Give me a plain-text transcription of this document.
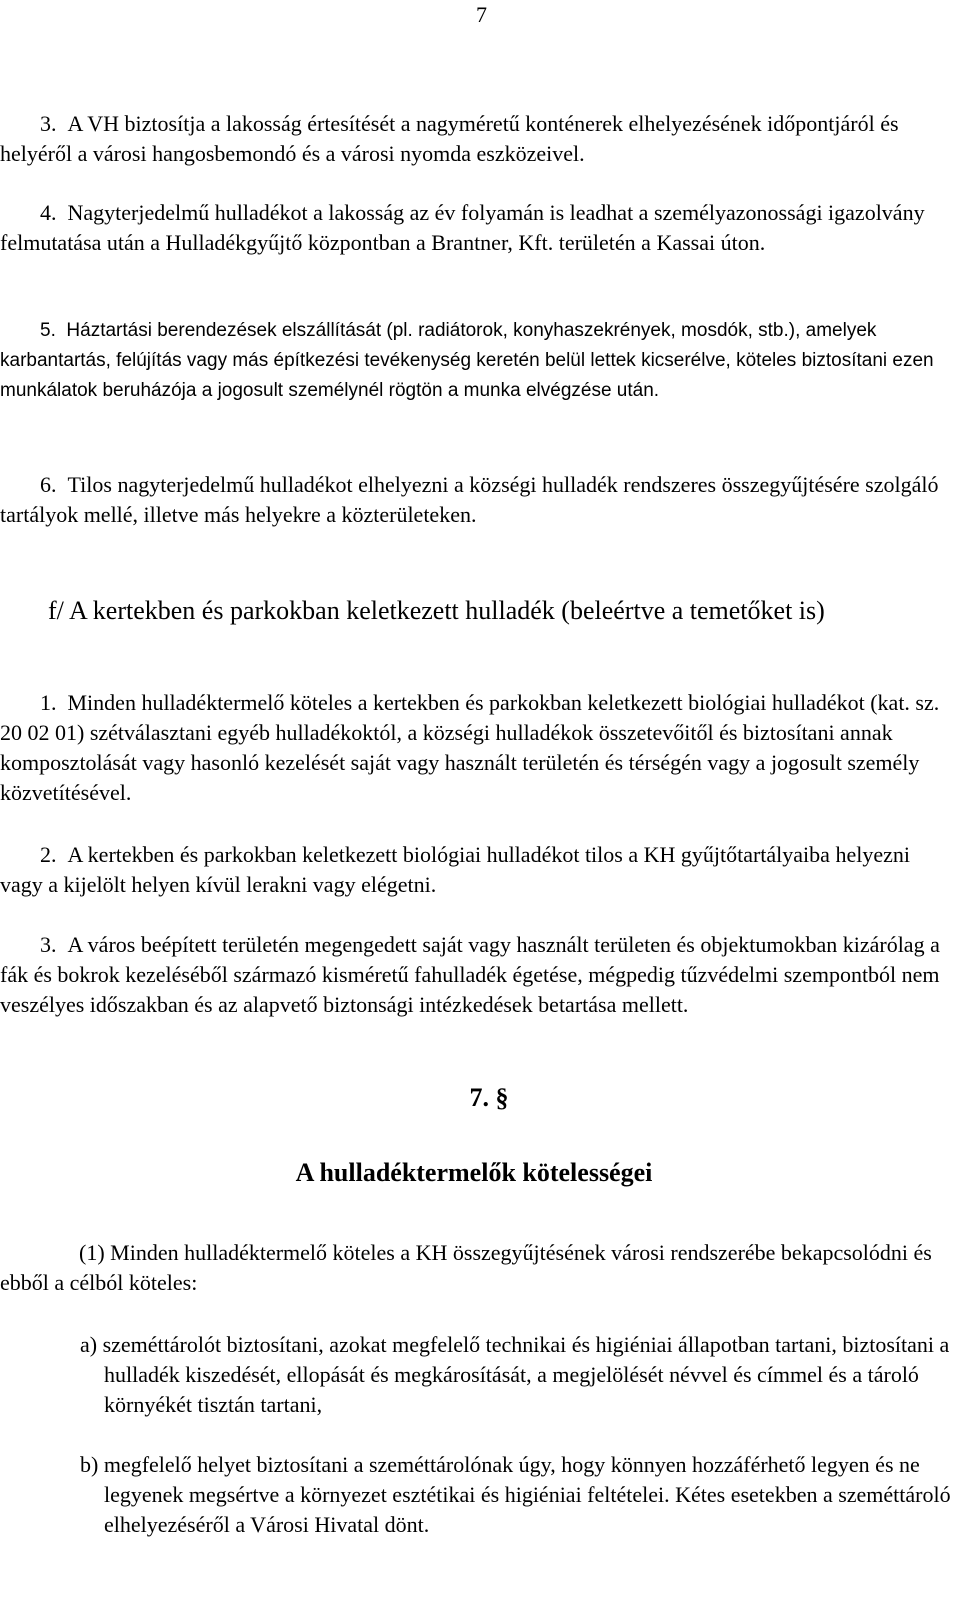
7

3. A VH biztosítja a lakosság értesítését a nagyméretű konténerek elhelyezésének időpontjáról és helyéről a városi hangosbemondó és a városi nyomda eszközeivel.

4. Nagyterjedelmű hulladékot a lakosság az év folyamán is leadhat a személyazonossági igazolvány felmutatása után a Hulladékgyűjtő központban a Brantner, Kft. területén a Kassai úton.

5. Háztartási berendezések elszállítását (pl. radiátorok, konyhaszekrények, mosdók, stb.), amelyek karbantartás, felújítás vagy más építkezési tevékenység keretén belül lettek kicserélve, köteles biztosítani ezen munkálatok beruházója a jogosult személynél rögtön a munka elvégzése után.

6. Tilos nagyterjedelmű hulladékot elhelyezni a községi hulladék rendszeres összegyűjtésére szolgáló tartályok mellé, illetve más helyekre a közterületeken.

f/ A kertekben és parkokban keletkezett hulladék (beleértve a temetőket is)

1. Minden hulladéktermelő köteles a kertekben és parkokban keletkezett biológiai hulladékot (kat. sz. 20 02 01) szétválasztani egyéb hulladékoktól, a községi hulladékok összetevőitől és biztosítani annak komposztolását vagy hasonló kezelését saját vagy használt területén és térségén vagy a jogosult személy közvetítésével.

2. A kertekben és parkokban keletkezett biológiai hulladékot tilos a KH gyűjtőtartályaiba helyezni vagy a kijelölt helyen kívül lerakni vagy elégetni.

3. A város beépített területén megengedett saját vagy használt területen és objektumokban kizárólag a fák és bokrok kezeléséből származó kisméretű fahulladék égetése, mégpedig tűzvédelmi szempontból nem veszélyes időszakban és az alapvető biztonsági intézkedések betartása mellett.

7. §
A hulladéktermelők kötelességei

(1) Minden hulladéktermelő köteles a KH összegyűjtésének városi rendszerébe bekapcsolódni és ebből a célból köteles:

a) szeméttárolót biztosítani, azokat megfelelő technikai és higiéniai állapotban tartani, biztosítani a hulladék kiszedését, ellopását és megkárosítását, a megjelölését névvel és címmel és a tároló környékét tisztán tartani,

b) megfelelő helyet biztosítani a szeméttárolónak úgy, hogy könnyen hozzáférhető legyen és ne legyenek megsértve a környezet esztétikai és higiéniai feltételei. Kétes esetekben a szeméttároló elhelyezéséről a Városi Hivatal dönt.
